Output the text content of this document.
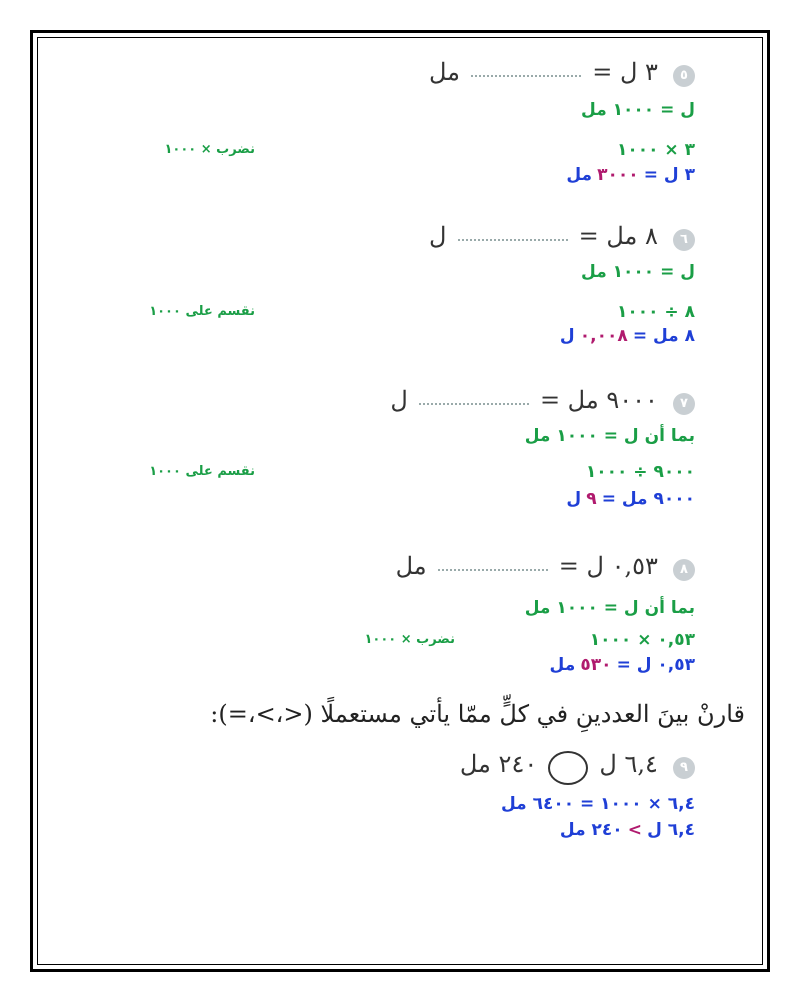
٥ ٣ ل =  مل
ل = ١٠٠٠ مل
٣ × ١٠٠٠
نضرب × ١٠٠٠
٣ ل = ٣٠٠٠ مل
٦ ٨ مل =  ل
ل = ١٠٠٠ مل
٨ ÷ ١٠٠٠
نقسم على ١٠٠٠
٨ مل = ٠,٠٠٨ ل
٧ ٩٠٠٠ مل =  ل
بما أن ل = ١٠٠٠ مل
٩٠٠٠ ÷ ١٠٠٠
نقسم على ١٠٠٠
٩٠٠٠ مل = ٩ ل
٨ ٠,٥٣ ل =  مل
بما أن ل = ١٠٠٠ مل
٠,٥٣ × ١٠٠٠
نضرب × ١٠٠٠
٠,٥٣ ل = ٥٣٠ مل
قارنْ بينَ العددينِ في كلٍّ ممّا يأتي مستعملًا (<،>،=):
٩ ٦,٤ ل  ٢٤٠ مل
٦,٤ × ١٠٠٠ = ٦٤٠٠ مل
٦,٤ ل > ٢٤٠ مل
